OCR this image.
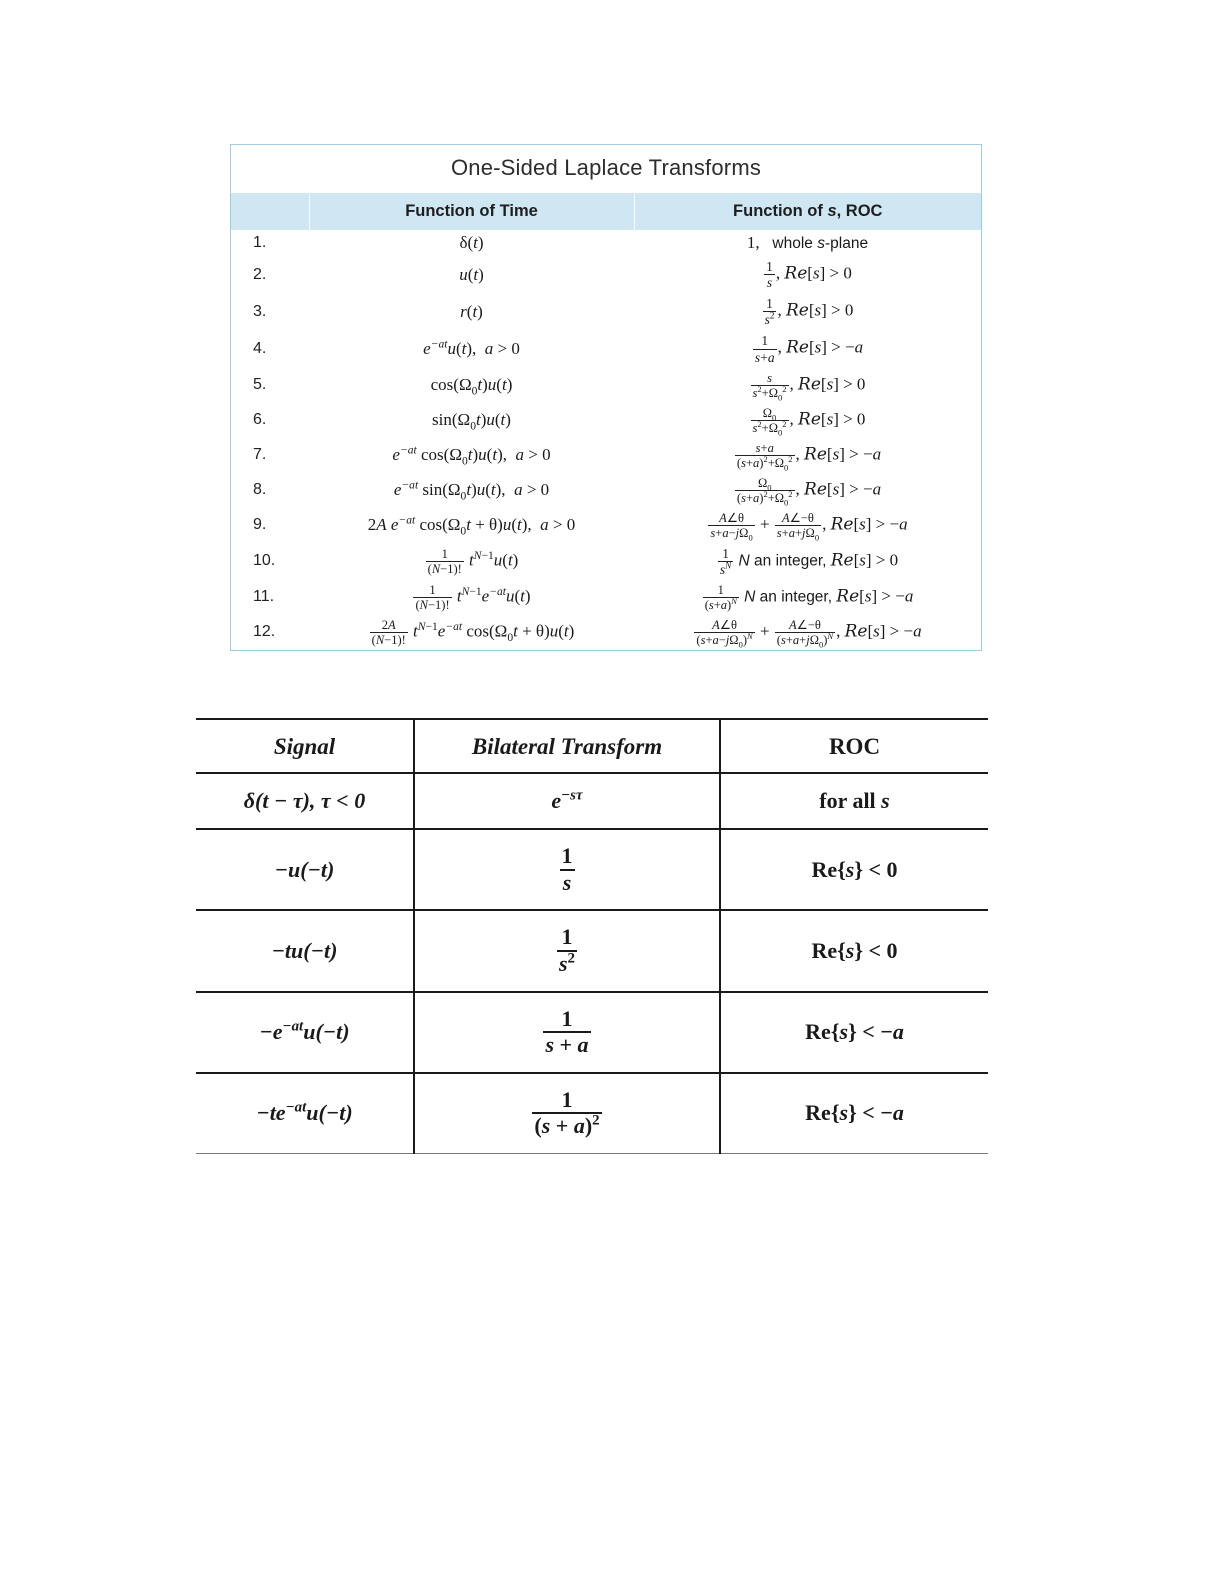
One-Sided Laplace Transforms
	Function of Time	Function of s, ROC
1.	δ(t)	1,   whole s-plane
2.	u(t)	$\frac{1}{s}$ , Re[s] > 0
3.	r(t)	$\frac{1}{s^2}$ , Re[s] > 0
4.	$e^{-at}u(t)$,  a > 0	$\frac{1}{s+a}$ , Re[s] > −a
5.	$\cos(\Omega_0t)u(t)$	$\frac{s}{s^2+\Omega_0^2}$ , Re[s] > 0
6.	$\sin(\Omega_0t)u(t)$	$\frac{\Omega_0}{s^2+\Omega_0^2}$ , Re[s] > 0
7.	$e^{-at}$ $\cos(\Omega_0t)u(t)$,  a > 0	$\frac{s+a}{(s+a)^2+\Omega_0^2}$ , Re[s] > −a
8.	$e^{-at}$ $\sin(\Omega_0t)u(t)$,  a > 0	$\frac{\Omega_0}{(s+a)^2+\Omega_0^2}$ , Re[s] > −a
9.	2A $e^{-at}$ $\cos(\Omega_0t + \theta)u(t)$,  a > 0	$\frac{A\angle\theta}{s+a-j\Omega_0} + \frac{A\angle-\theta}{s+a+j\Omega_0}$ , Re[s] > −a
10.	$\frac{1}{(N-1)!} t^{N-1}u(t)$	$\frac{1}{s^N}$ N an integer, Re[s] > 0
11.	$\frac{1}{(N-1)!} t^{N-1}e^{-at}u(t)$	$\frac{1}{(s+a)^N}$ N an integer, Re[s] > −a
12.	$\frac{2A}{(N-1)!} t^{N-1}e^{-at}$ $\cos(\Omega_0t + \theta)u(t)$	$\frac{A\angle\theta}{(s+a-j\Omega_0)^N} + \frac{A\angle-\theta}{(s+a+j\Omega_0)^N}$ , Re[s] > −a
Signal	Bilateral Transform	ROC
δ(t − τ), τ < 0	$e^{-s\tau}$	for all s
−u(−t)	$\frac{1}{s}$	Re{s} < 0
−tu(−t)	$\frac{1}{s^2}$	Re{s} < 0
$-e^{-at}u(-t)$	$\frac{1}{s + a}$	Re{s} < −a
$-te^{-at}u(-t)$	$\frac{1}{(s + a)^2}$	Re{s} < −a
